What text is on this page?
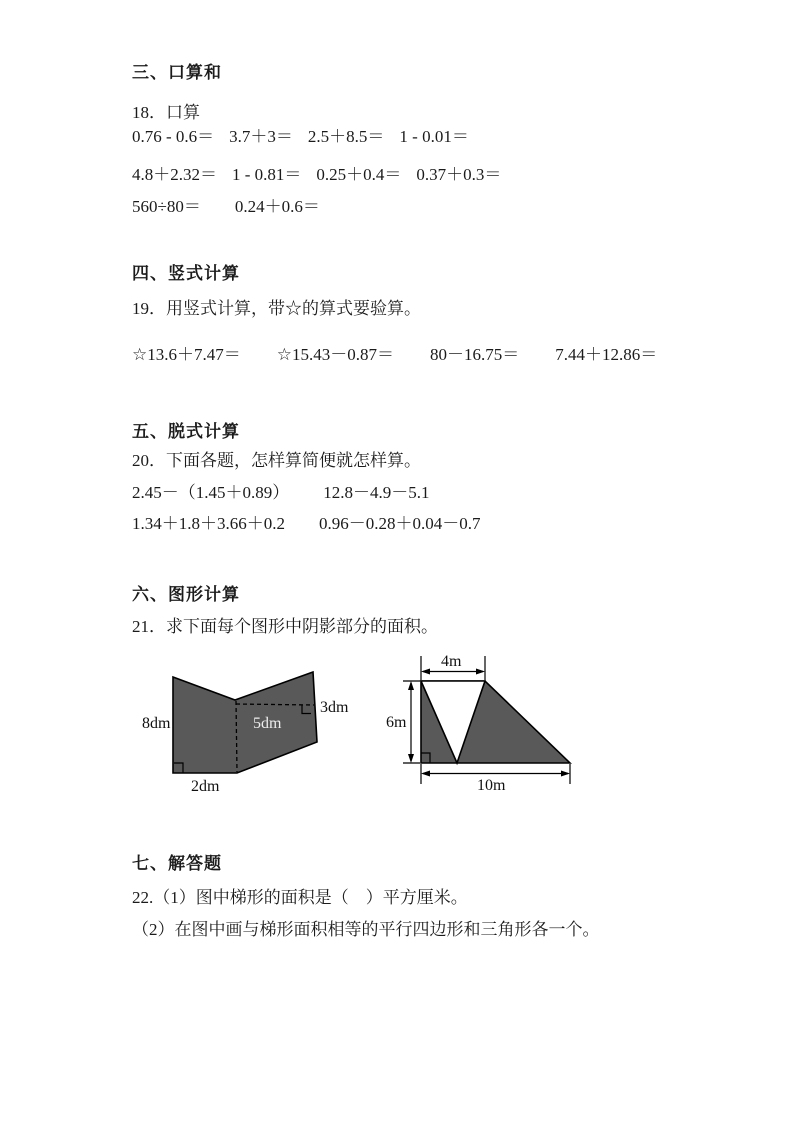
三、口算和
18．口算
0.76 - 0.6＝ 3.7＋3＝ 2.5＋8.5＝ 1 - 0.01＝
4.8＋2.32＝ 1 - 0.81＝ 0.25＋0.4＝ 0.37＋0.3＝
560÷80＝ 0.24＋0.6＝
四、竖式计算
19．用竖式计算，带☆的算式要验算。
☆13.6＋7.47＝ ☆15.43－0.87＝ 80－16.75＝ 7.44＋12.86＝
五、脱式计算
20．下面各题，怎样算简便就怎样算。
2.45－（1.45＋0.89） 12.8－4.9－5.1
1.34＋1.8＋3.66＋0.2 0.96－0.28＋0.04－0.7
六、图形计算
21．求下面每个图形中阴影部分的面积。
8dm	5dm
3dm
2dm
4m
6m
10m
七、解答题
22.（1）图中梯形的面积是（　）平方厘米。
（2）在图中画与梯形面积相等的平行四边形和三角形各一个。
